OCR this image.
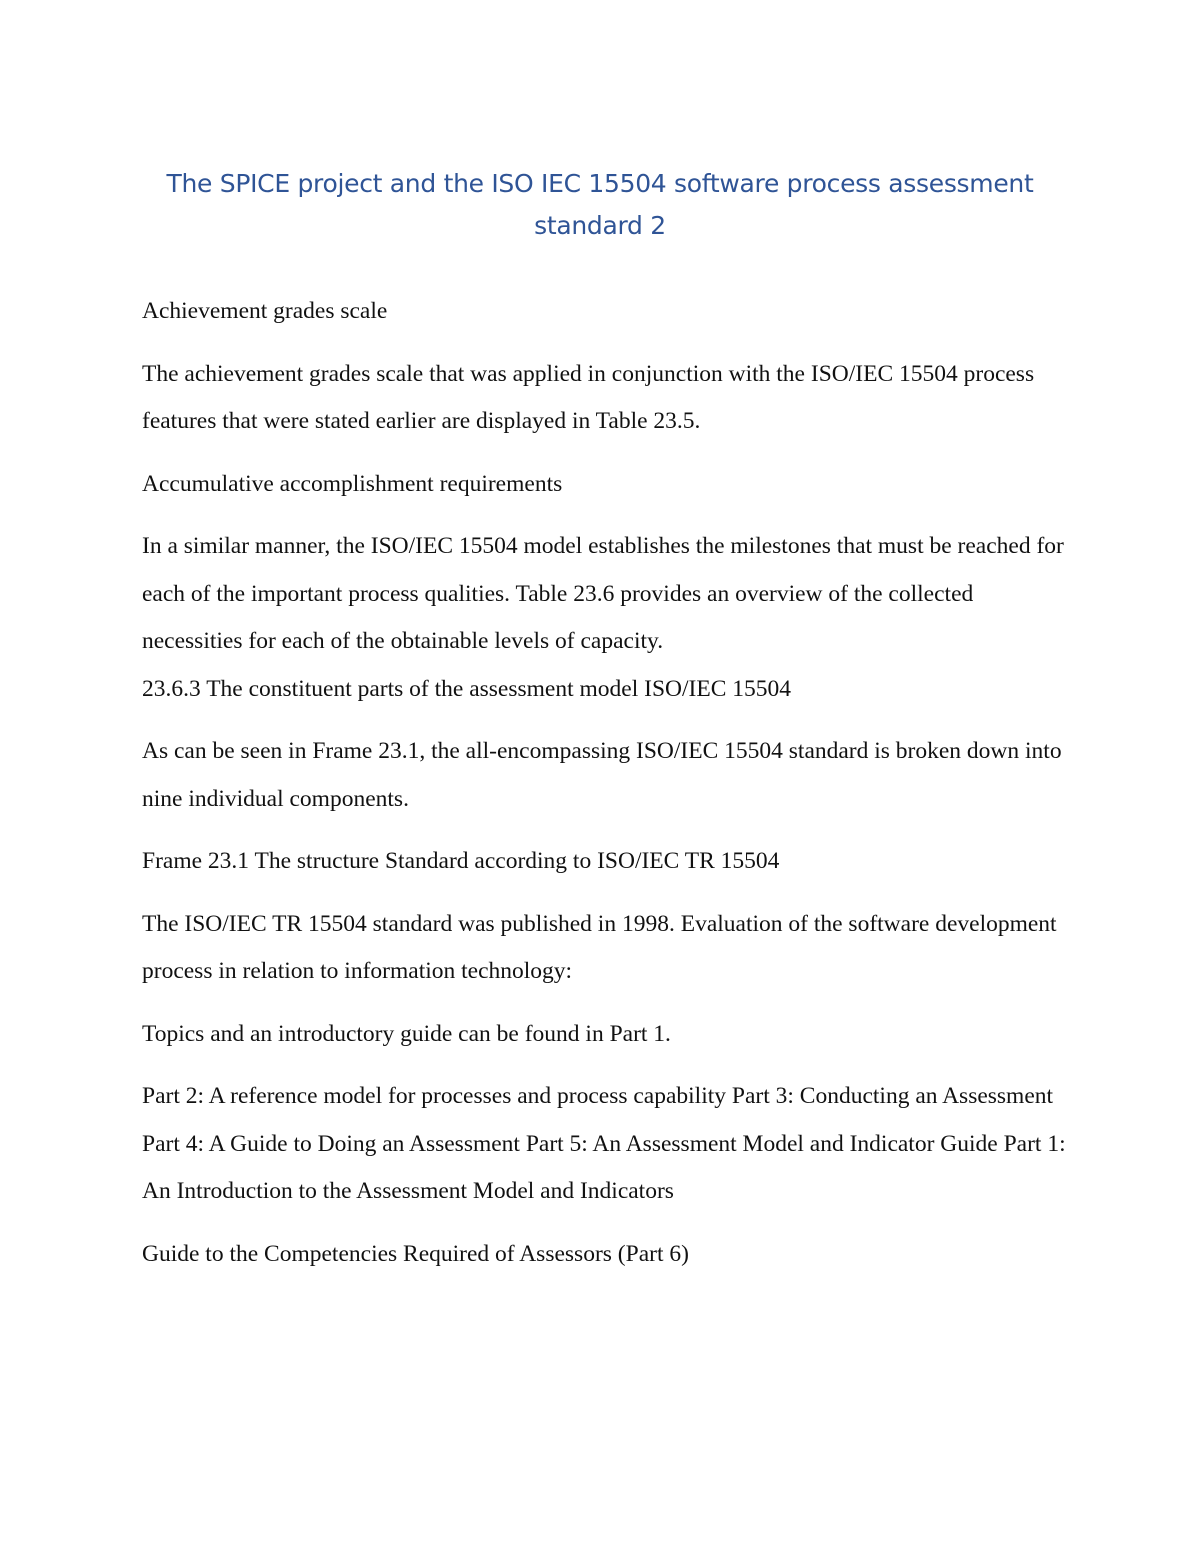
The SPICE project and the ISO IEC 15504 software process assessment
standard 2

Achievement grades scale

The achievement grades scale that was applied in conjunction with the ISO/IEC 15504 process features that were stated earlier are displayed in Table 23.5.

Accumulative accomplishment requirements

In a similar manner, the ISO/IEC 15504 model establishes the milestones that must be reached for each of the important process qualities. Table 23.6 provides an overview of the collected necessities for each of the obtainable levels of capacity.

23.6.3 The constituent parts of the assessment model ISO/IEC 15504

As can be seen in Frame 23.1, the all-encompassing ISO/IEC 15504 standard is broken down into nine individual components.

Frame 23.1 The structure Standard according to ISO/IEC TR 15504

The ISO/IEC TR 15504 standard was published in 1998. Evaluation of the software development process in relation to information technology:

Topics and an introductory guide can be found in Part 1.

Part 2: A reference model for processes and process capability Part 3: Conducting an Assessment Part 4: A Guide to Doing an Assessment Part 5: An Assessment Model and Indicator Guide Part 1: An Introduction to the Assessment Model and Indicators

Guide to the Competencies Required of Assessors (Part 6)
